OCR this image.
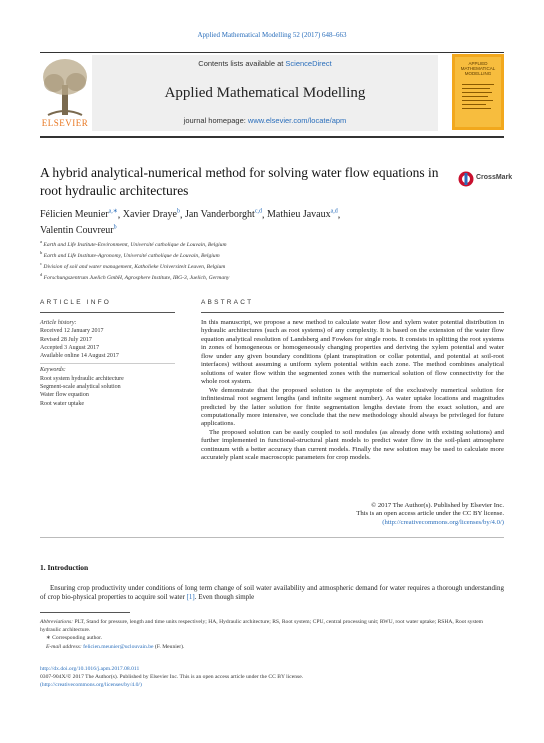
Applied Mathematical Modelling 52 (2017) 648–663
ELSEVIER
Contents lists available at ScienceDirect
Applied Mathematical Modelling
journal homepage: www.elsevier.com/locate/apm
APPLIED MATHEMATICAL MODELLING
A hybrid analytical-numerical method for solving water flow equations in root hydraulic architectures
CrossMark
Félicien Meunier$^{a,∗}$, Xavier Draye$^b$, Jan Vanderborght$^{c,d}$, Mathieu Javaux$^{a,d}$,
Valentin Couvreur$^b$
$^a$ Earth and Life Institute-Environmemt, Université catholique de Louvain, Belgium
$^b$ Earth and Life Institute-Agronomy, Université catholique de Louvain, Belgium
$^c$ Division of soil and water management, Katholieke Universiteit Leuven, Belgium
$^d$ Forschungszentrum Juelich GmbH, Agrosphere Institute, IBG-3, Juelich, Germany
ARTICLE INFO	ABSTRACT
Article history:
Received 12 January 2017
Revised 28 July 2017
Accepted 3 August 2017
Available online 14 August 2017
Keywords:
Root system hydraulic architecture
Segment-scale analytical solution
Water flow equation
Root water uptake

In this manuscript, we propose a new method to calculate water flow and xylem water potential distribution in hydraulic architectures (such as root systems) of any complexity. It is based on the extension of the water flow equation analytical resolution of Landsberg and Fowkes for single roots. It consists in splitting the root systems in zones of homogeneous or homogeneously changing properties and deriving the xylem potential and water flow under any given boundary conditions (plant transpiration or collar potential, and potential at soil-root interfaces) without assuming a uniform xylem potential within each zone. The method combines analytical solutions of water flow within the segmented zones with the numerical solution of flow connectivity for the whole root system.

We demonstrate that the proposed solution is the asymptote of the exclusively numerical solution for infinitesimal root segment lengths (and infinite segment number). As water uptake locations and magnitudes predicted by the latter solution for finite segmentation lengths deviate from the exact solution, and are computationally more intensive, we conclude that the new methodology should always be privileged for future applications.

The proposed solution can be easily coupled to soil modules (as already done with existing solutions) and further implemented in functional-structural plant models to predict water flow in the soil-plant atmosphere continuum with a better accuracy than current models. Finally the new solution may be used to calculate more accurately plant scale macroscopic parameters for crop models.

© 2017 The Author(s). Published by Elsevier Inc.
This is an open access article under the CC BY license.
(http://creativecommons.org/licenses/by/4.0/)
1. Introduction
Ensuring crop productivity under conditions of long term change of soil water availability and atmospheric demand for water requires a thorough understanding of crop bio-physical properties to acquire soil water [1]. Even though simple
Abbreviations: PLT, Stand for pressure, length and time units respectively; HA, Hydraulic architecture; RS, Root system; CPU, central processing unit; RWU, root water uptake; RSHA, Root system hydraulic architecture.
∗ Corresponding author.
E-mail address: felicien.meunier@uclouvain.be (F. Meunier).
http://dx.doi.org/10.1016/j.apm.2017.08.011
0307-904X/© 2017 The Author(s). Published by Elsevier Inc. This is an open access article under the CC BY license.
(http://creativecommons.org/licenses/by/4.0/)
